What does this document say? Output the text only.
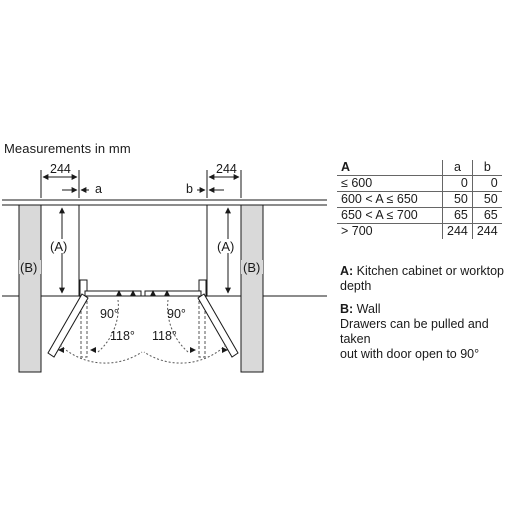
Measurements in mm
244	244
a	b
(A)	(A)
(B)	(B)
90°	90°
118° 118°
A	a	b
≤ 600	0	0
600 < A ≤ 650	50	50
650 < A ≤ 700	65	65
> 700	244	244
A: Kitchen cabinet or worktop
depth
B: Wall
Drawers can be pulled and taken
out with door open to 90°
